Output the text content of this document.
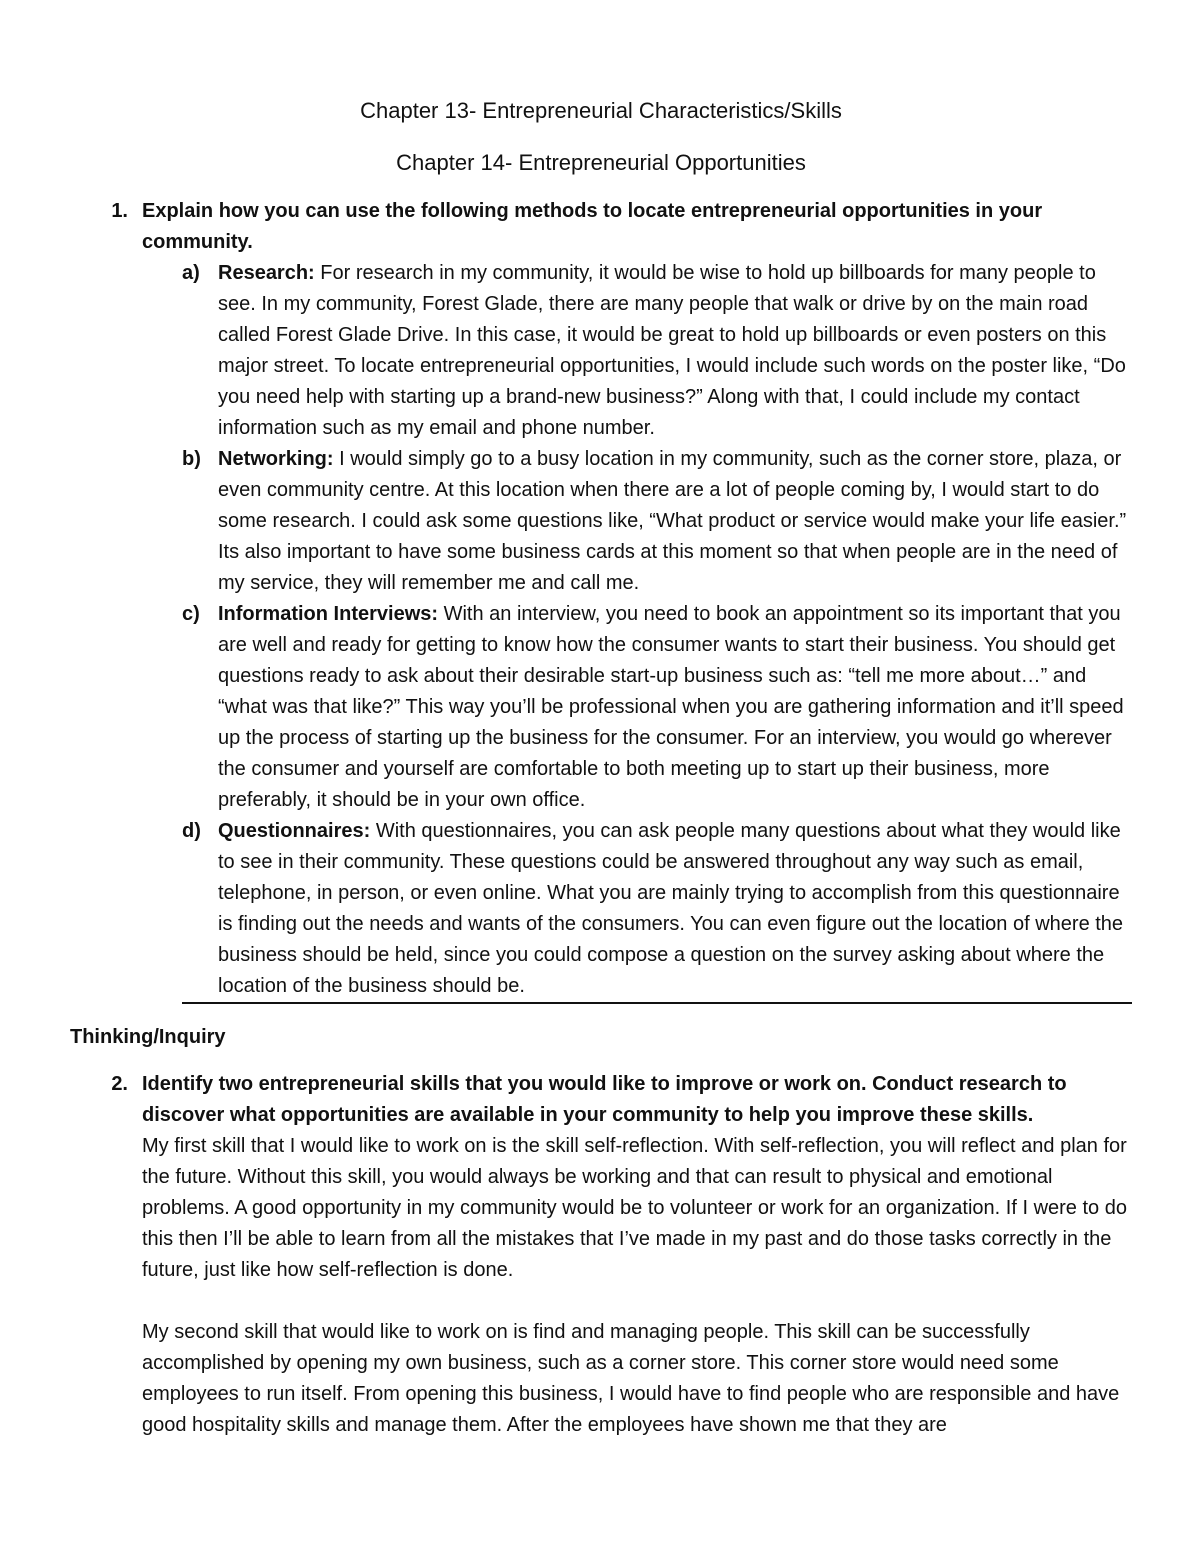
Chapter 13- Entrepreneurial Characteristics/Skills

Chapter 14- Entrepreneurial Opportunities

1. Explain how you can use the following methods to locate entrepreneurial opportunities in your community.
a) Research: For research in my community, it would be wise to hold up billboards for many people to see. In my community, Forest Glade, there are many people that walk or drive by on the main road called Forest Glade Drive. In this case, it would be great to hold up billboards or even posters on this major street. To locate entrepreneurial opportunities, I would include such words on the poster like, “Do you need help with starting up a brand-new business?” Along with that, I could include my contact information such as my email and phone number.
b) Networking: I would simply go to a busy location in my community, such as the corner store, plaza, or even community centre. At this location when there are a lot of people coming by, I would start to do some research. I could ask some questions like, “What product or service would make your life easier.” Its also important to have some business cards at this moment so that when people are in the need of my service, they will remember me and call me.
c) Information Interviews: With an interview, you need to book an appointment so its important that you are well and ready for getting to know how the consumer wants to start their business. You should get questions ready to ask about their desirable start-up business such as: “tell me more about…” and “what was that like?” This way you’ll be professional when you are gathering information and it’ll speed up the process of starting up the business for the consumer. For an interview, you would go wherever the consumer and yourself are comfortable to both meeting up to start up their business, more preferably, it should be in your own office.
d) Questionnaires: With questionnaires, you can ask people many questions about what they would like to see in their community. These questions could be answered throughout any way such as email, telephone, in person, or even online. What you are mainly trying to accomplish from this questionnaire is finding out the needs and wants of the consumers. You can even figure out the location of where the business should be held, since you could compose a question on the survey asking about where the location of the business should be.

Thinking/Inquiry

2. Identify two entrepreneurial skills that you would like to improve or work on. Conduct research to discover what opportunities are available in your community to help you improve these skills.

My first skill that I would like to work on is the skill self-reflection. With self-reflection, you will reflect and plan for the future. Without this skill, you would always be working and that can result to physical and emotional problems. A good opportunity in my community would be to volunteer or work for an organization. If I were to do this then I’ll be able to learn from all the mistakes that I’ve made in my past and do those tasks correctly in the future, just like how self-reflection is done.

My second skill that would like to work on is find and managing people. This skill can be successfully accomplished by opening my own business, such as a corner store. This corner store would need some employees to run itself. From opening this business, I would have to find people who are responsible and have good hospitality skills and manage them. After the employees have shown me that they are
